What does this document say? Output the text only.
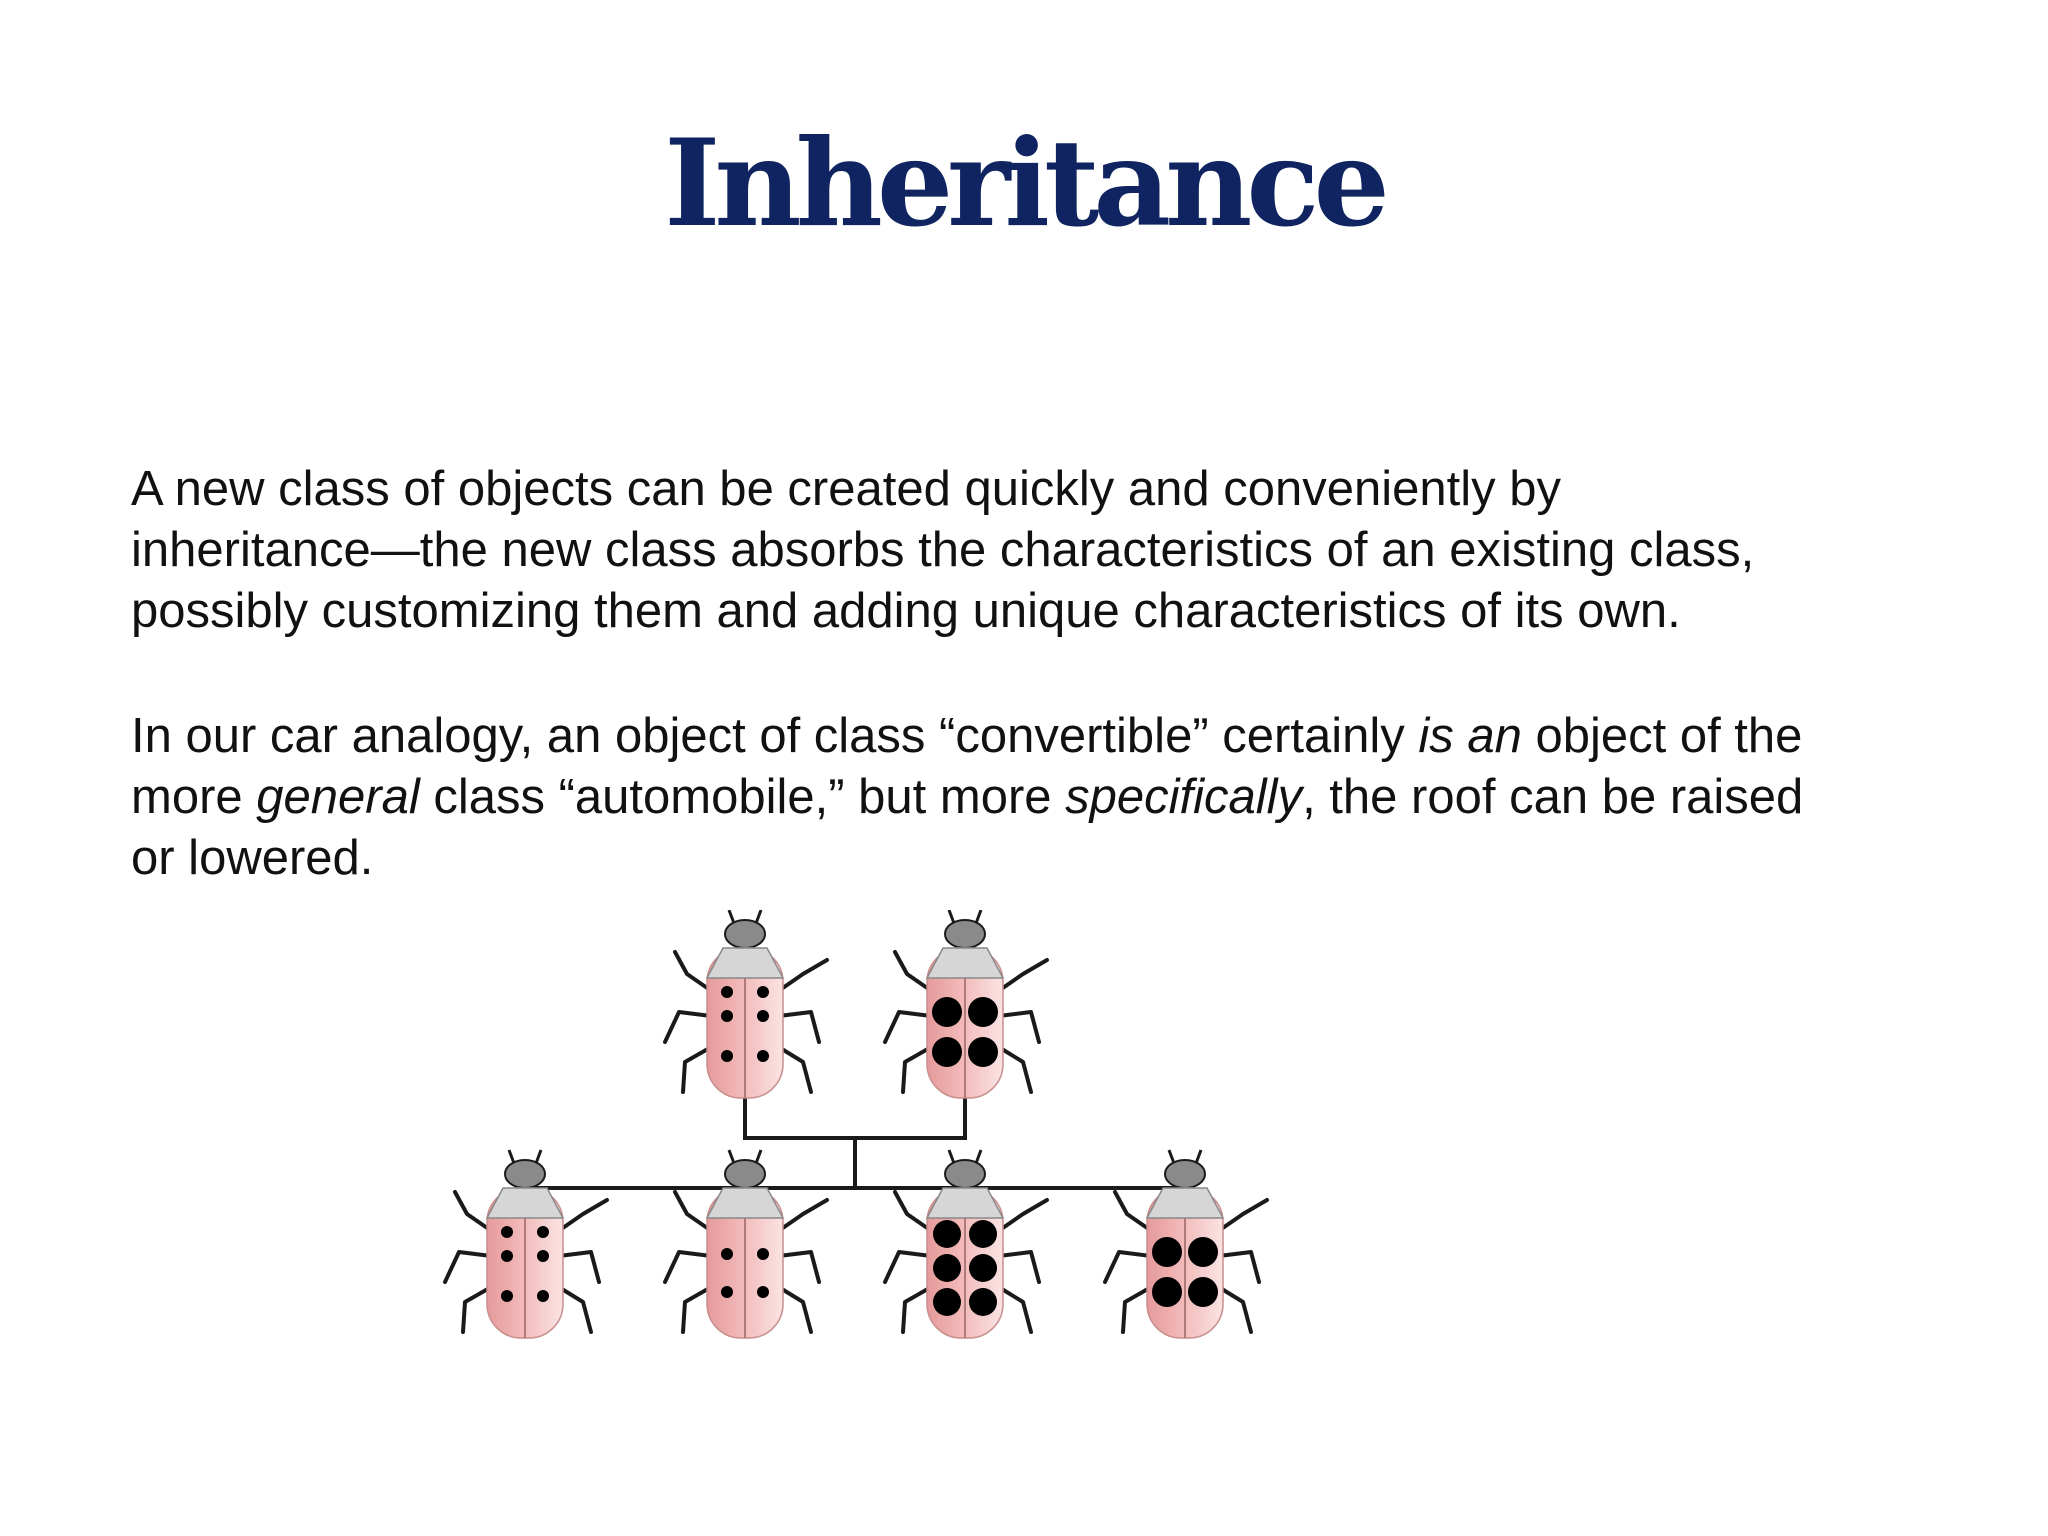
Inheritance
A new class of objects can be created quickly and conveniently by
inheritance—the new class absorbs the characteristics of an existing class,
possibly customizing them and adding unique characteristics of its own.
In our car analogy, an object of class “convertible” certainly is an object of the
more general class “automobile,” but more specifically, the roof can be raised
or lowered.
